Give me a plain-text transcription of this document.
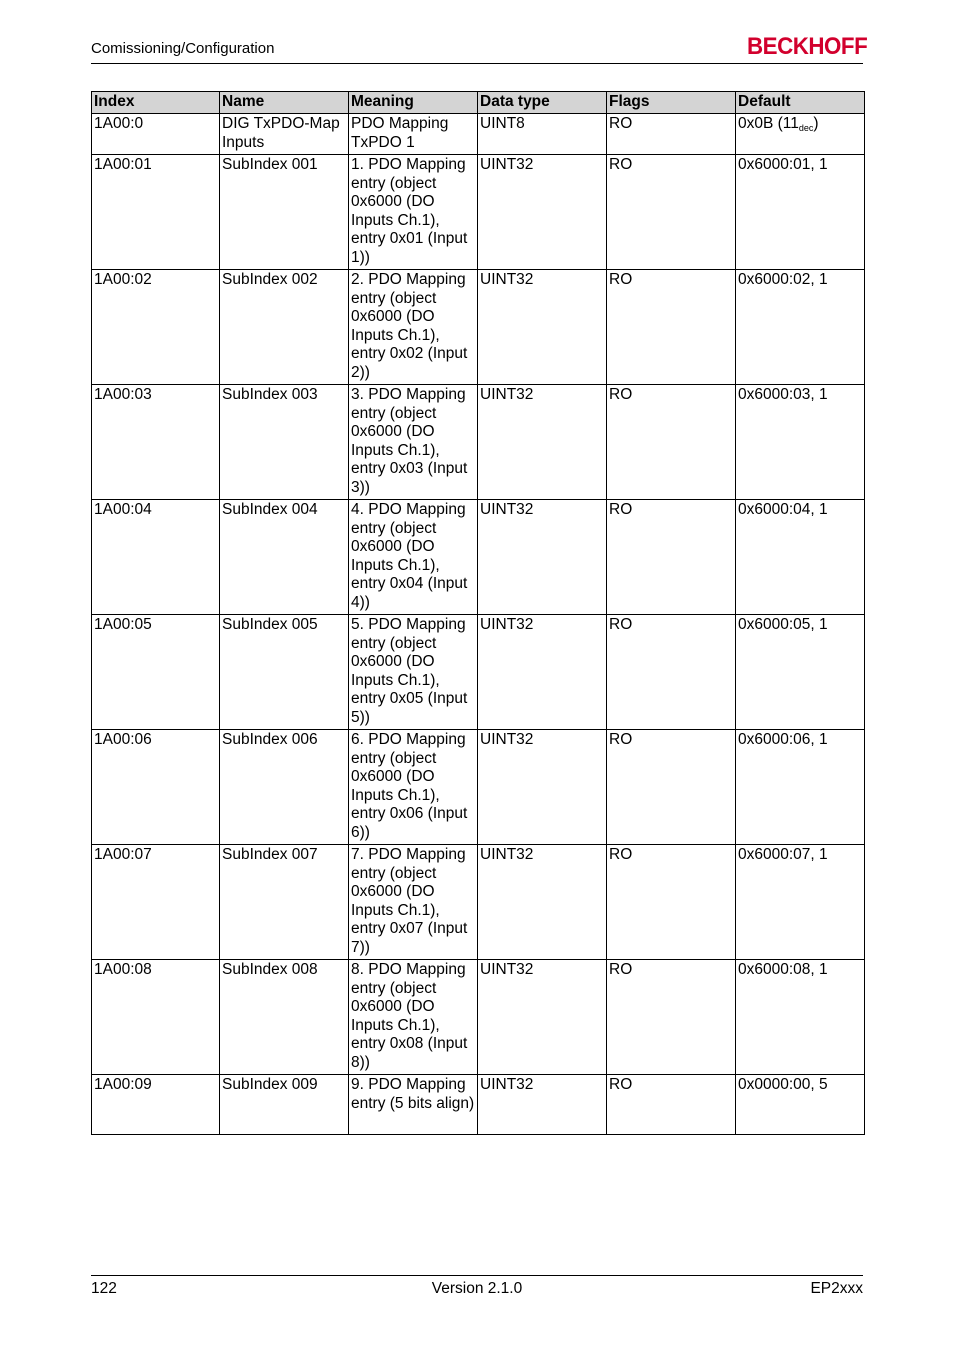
Comissioning/Configuration	BECKHOFF
Index	Name	Meaning	Data type	Flags	Default
1A00:0	DIG TxPDO-Map Inputs	PDO Mapping TxPDO 1	UINT8	RO	0x0B $(11_{dec})$
1A00:01	SubIndex 001	1. PDO Mapping entry (object 0x6000 (DO Inputs Ch.1), entry 0x01 (Input 1))	UINT32	RO	0x6000:01, 1
1A00:02	SubIndex 002	2. PDO Mapping entry (object 0x6000 (DO Inputs Ch.1), entry 0x02 (Input 2))	UINT32	RO	0x6000:02, 1
1A00:03	SubIndex 003	3. PDO Mapping entry (object 0x6000 (DO Inputs Ch.1), entry 0x03 (Input 3))	UINT32	RO	0x6000:03, 1
1A00:04	SubIndex 004	4. PDO Mapping entry (object 0x6000 (DO Inputs Ch.1), entry 0x04 (Input 4))	UINT32	RO	0x6000:04, 1
1A00:05	SubIndex 005	5. PDO Mapping entry (object 0x6000 (DO Inputs Ch.1), entry 0x05 (Input 5))	UINT32	RO	0x6000:05, 1
1A00:06	SubIndex 006	6. PDO Mapping entry (object 0x6000 (DO Inputs Ch.1), entry 0x06 (Input 6))	UINT32	RO	0x6000:06, 1
1A00:07	SubIndex 007	7. PDO Mapping entry (object 0x6000 (DO Inputs Ch.1), entry 0x07 (Input 7))	UINT32	RO	0x6000:07, 1
1A00:08	SubIndex 008	8. PDO Mapping entry (object 0x6000 (DO Inputs Ch.1), entry 0x08 (Input 8))	UINT32	RO	0x6000:08, 1
1A00:09	SubIndex 009	9. PDO Mapping entry (5 bits align)	UINT32	RO	0x0000:00, 5
122	Version 2.1.0	EP2xxx
